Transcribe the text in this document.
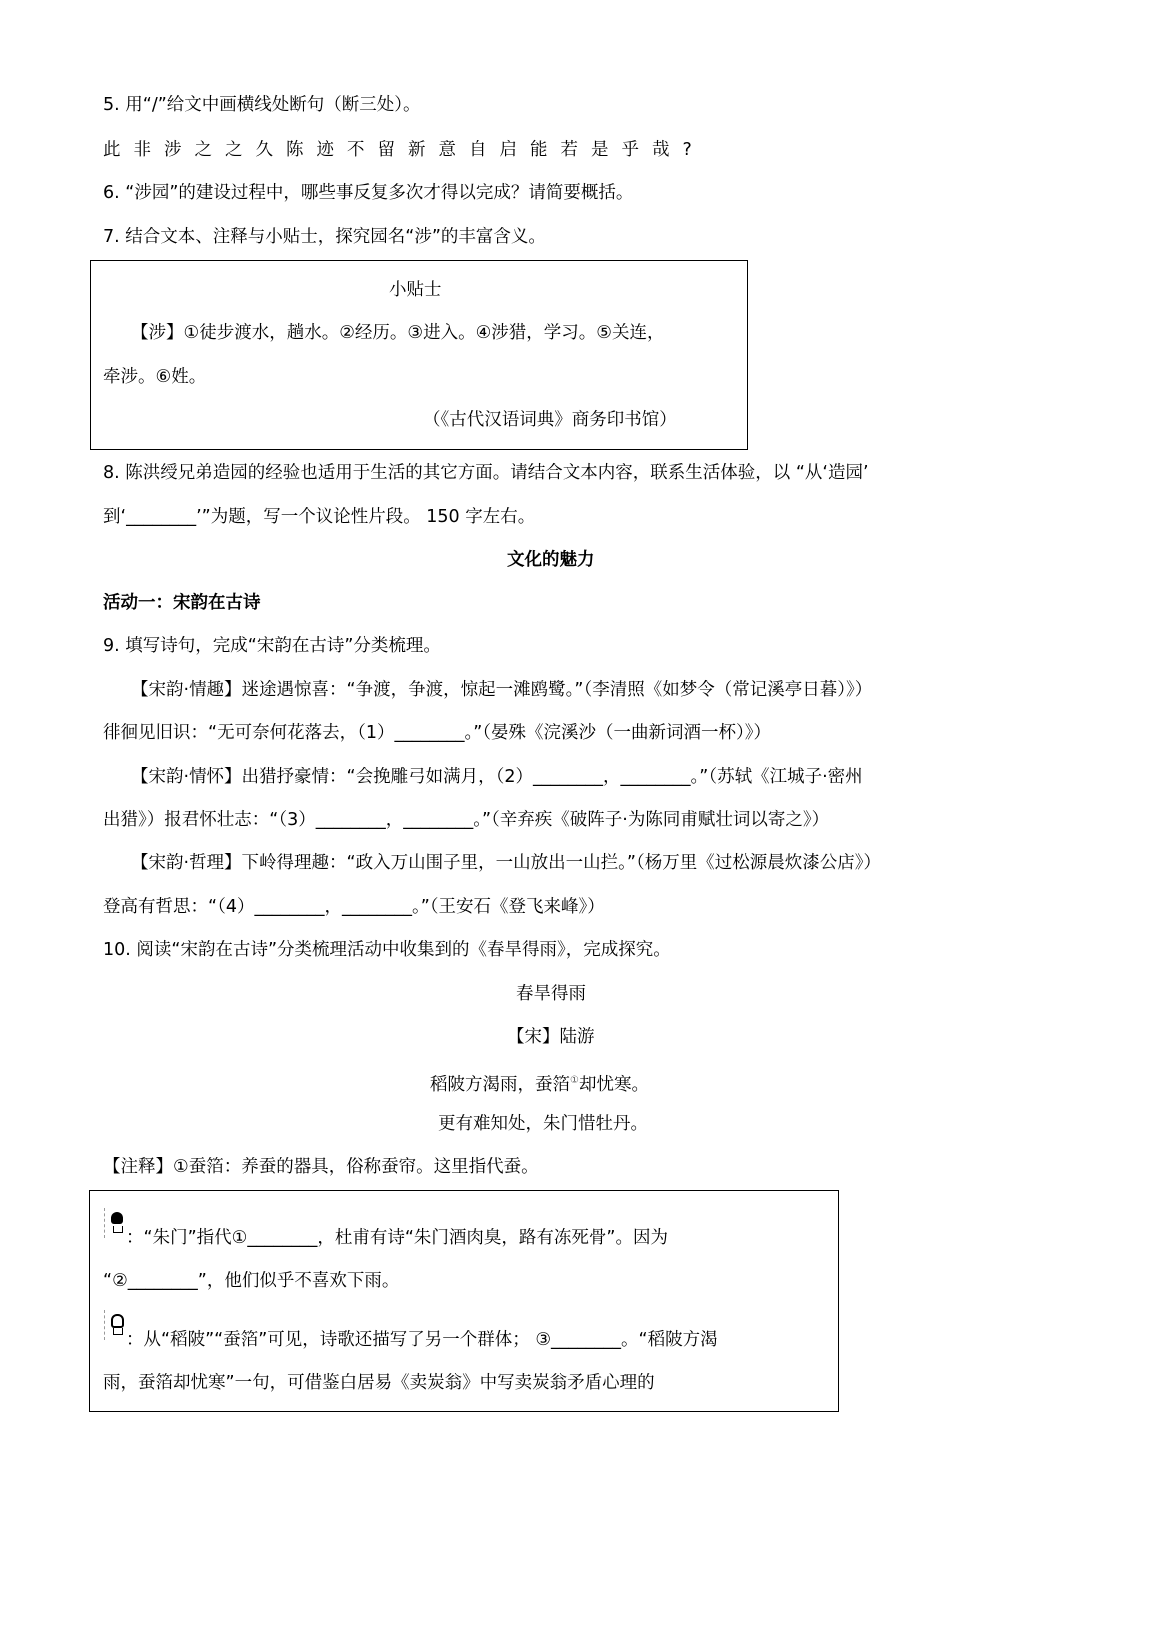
5. 用“/”给文中画横线处断句（断三处）。
此非涉之之久陈迹不留新意自启能若是乎哉?
6. “涉园”的建设过程中，哪些事反复多次才得以完成？请简要概括。
7. 结合文本、注释与小贴士，探究园名“涉”的丰富含义。
小贴士
【涉】①徒步渡水，趟水。②经历。③进入。④涉猎，学习。⑤关连，
牵涉。⑥姓。
（《古代汉语词典》商务印书馆）
8. 陈洪绶兄弟造园的经验也适用于生活的其它方面。请结合文本内容，联系生活体验，以 “从‘造园’
到‘________’”为题，写一个议论性片段。 150 字左右。
文化的魅力
活动一：宋韵在古诗
9. 填写诗句，完成“宋韵在古诗”分类梳理。
【宋韵·情趣】迷途遇惊喜：“争渡，争渡，惊起一滩鸥鹭。”（李清照《如梦令（常记溪亭日暮）》）
徘徊见旧识：“无可奈何花落去，（1）________。”（晏殊《浣溪沙（一曲新词酒一杯）》）
【宋韵·情怀】出猎抒豪情：“会挽雕弓如满月，（2）________，________。”（苏轼《江城子·密州
出猎》）报君怀壮志：“（3）________，________。”（辛弃疾《破阵子·为陈同甫赋壮词以寄之》）
【宋韵·哲理】下岭得理趣：“政入万山围子里，一山放出一山拦。”（杨万里《过松源晨炊漆公店》）
登高有哲思：“（4）________，________。”（王安石《登飞来峰》）
10. 阅读“宋韵在古诗”分类梳理活动中收集到的《春旱得雨》，完成探究。
春旱得雨
【宋】陆游
稻陂方渴雨，蚕箔①却忧寒。
更有难知处，朱门惜牡丹。
【注释】①蚕箔：养蚕的器具，俗称蚕帘。这里指代蚕。
：“朱门”指代①________，杜甫有诗“朱门酒肉臭，路有冻死骨”。因为
“②________”，他们似乎不喜欢下雨。
：从“稻陂”“蚕箔”可见，诗歌还描写了另一个群体； ③________。“稻陂方渴
雨，蚕箔却忧寒”一句，可借鉴白居易《卖炭翁》中写卖炭翁矛盾心理的
